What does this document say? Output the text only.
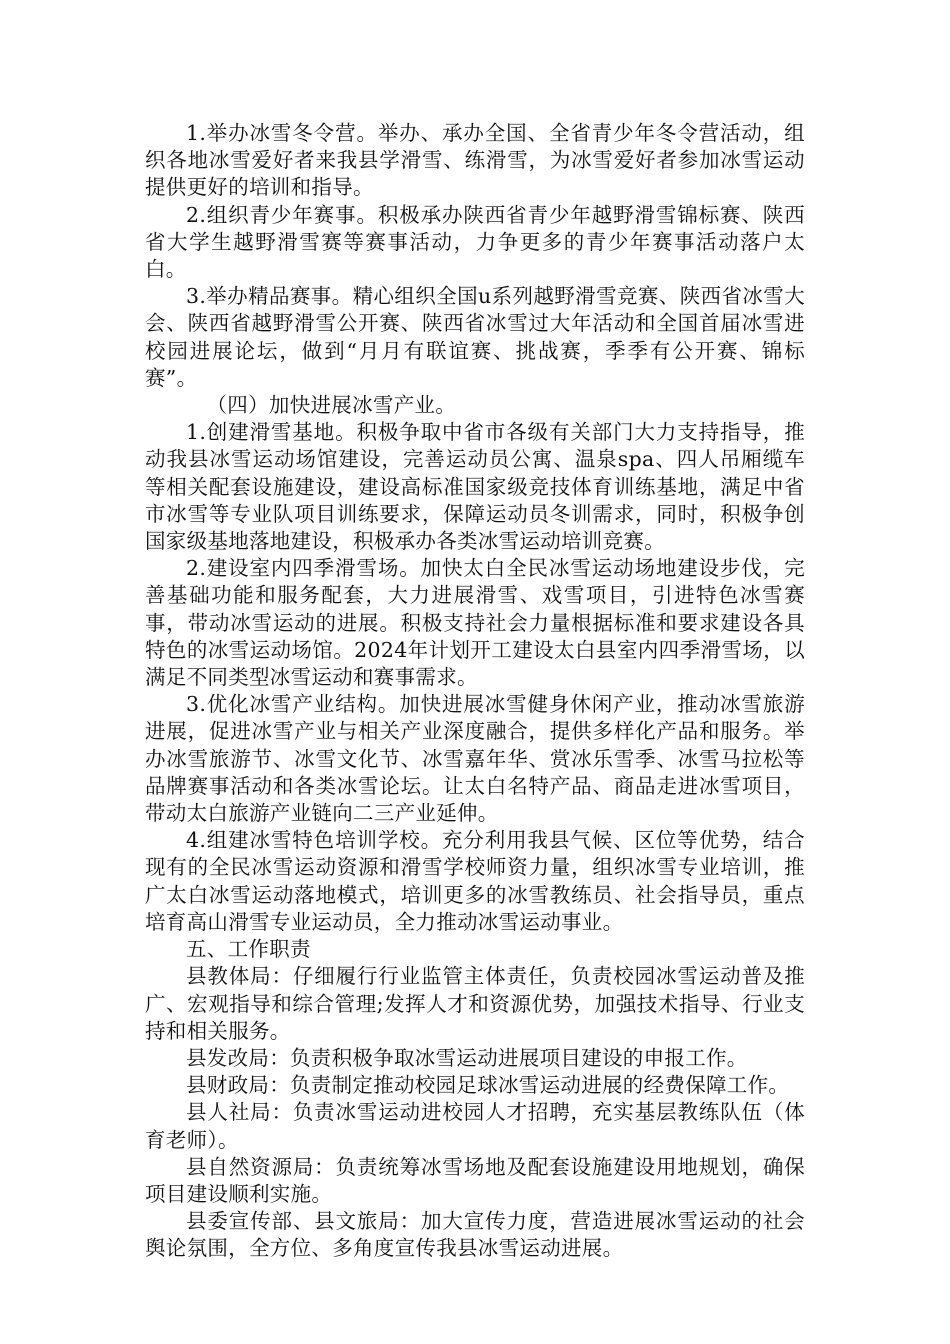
1.举办冰雪冬令营。举办、承办全国、全省青少年冬令营活动，组织各地冰雪爱好者来我县学滑雪、练滑雪，为冰雪爱好者参加冰雪运动提供更好的培训和指导。

2.组织青少年赛事。积极承办陕西省青少年越野滑雪锦标赛、陕西省大学生越野滑雪赛等赛事活动，力争更多的青少年赛事活动落户太白。

3.举办精品赛事。精心组织全国u系列越野滑雪竞赛、陕西省冰雪大会、陕西省越野滑雪公开赛、陕西省冰雪过大年活动和全国首届冰雪进校园进展论坛，做到“月月有联谊赛、挑战赛，季季有公开赛、锦标赛”。

（四）加快进展冰雪产业。

1.创建滑雪基地。积极争取中省市各级有关部门大力支持指导，推动我县冰雪运动场馆建设，完善运动员公寓、温泉spa、四人吊厢缆车等相关配套设施建设，建设高标准国家级竞技体育训练基地，满足中省市冰雪等专业队项目训练要求，保障运动员冬训需求，同时，积极争创国家级基地落地建设，积极承办各类冰雪运动培训竞赛。

2.建设室内四季滑雪场。加快太白全民冰雪运动场地建设步伐，完善基础功能和服务配套，大力进展滑雪、戏雪项目，引进特色冰雪赛事，带动冰雪运动的进展。积极支持社会力量根据标准和要求建设各具特色的冰雪运动场馆。2024年计划开工建设太白县室内四季滑雪场，以满足不同类型冰雪运动和赛事需求。

3.优化冰雪产业结构。加快进展冰雪健身休闲产业，推动冰雪旅游进展，促进冰雪产业与相关产业深度融合，提供多样化产品和服务。举办冰雪旅游节、冰雪文化节、冰雪嘉年华、赏冰乐雪季、冰雪马拉松等品牌赛事活动和各类冰雪论坛。让太白名特产品、商品走进冰雪项目，带动太白旅游产业链向二三产业延伸。

4.组建冰雪特色培训学校。充分利用我县气候、区位等优势，结合现有的全民冰雪运动资源和滑雪学校师资力量，组织冰雪专业培训，推广太白冰雪运动落地模式，培训更多的冰雪教练员、社会指导员，重点培育高山滑雪专业运动员，全力推动冰雪运动事业。

五、工作职责

县教体局：仔细履行行业监管主体责任，负责校园冰雪运动普及推广、宏观指导和综合管理;发挥人才和资源优势，加强技术指导、行业支持和相关服务。

县发改局：负责积极争取冰雪运动进展项目建设的申报工作。

县财政局：负责制定推动校园足球冰雪运动进展的经费保障工作。

县人社局：负责冰雪运动进校园人才招聘，充实基层教练队伍（体育老师）。

县自然资源局：负责统筹冰雪场地及配套设施建设用地规划，确保项目建设顺利实施。

县委宣传部、县文旅局：加大宣传力度，营造进展冰雪运动的社会舆论氛围，全方位、多角度宣传我县冰雪运动进展。
